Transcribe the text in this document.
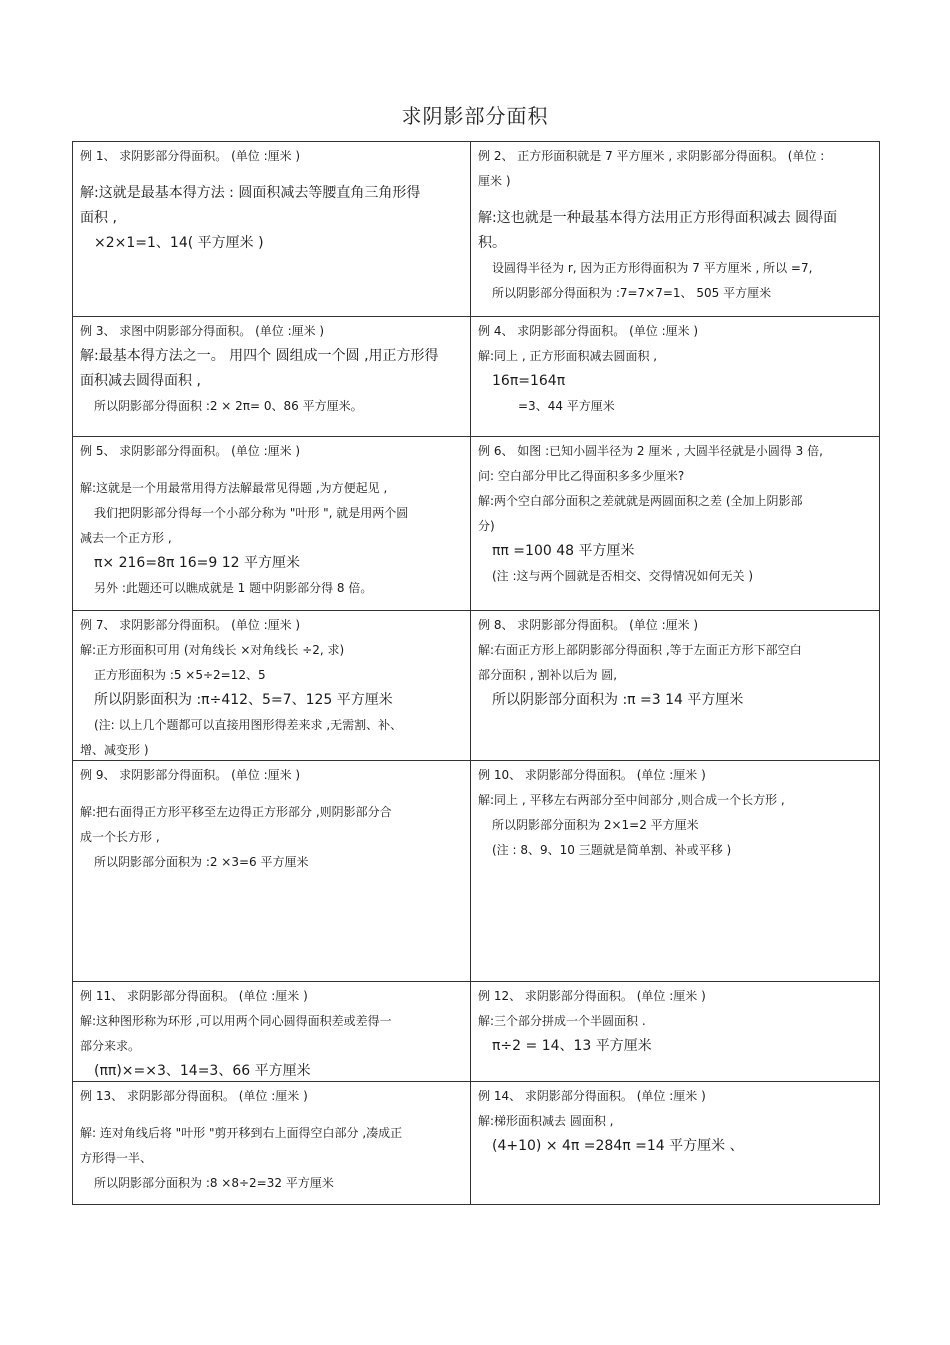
求阴影部分面积
例 1、 求阴影部分得面积。 (单位 :厘米 )
解:这就是最基本得方法 : 圆面积减去等腰直角三角形得
面积 ,
×2×1=1、14( 平方厘米 )
例 2、 正方形面积就是 7 平方厘米 , 求阴影部分得面积。 (单位 :
厘米 )
解:这也就是一种最基本得方法用正方形得面积减去 圆得面
积。
设圆得半径为 r, 因为正方形得面积为 7 平方厘米 , 所以 =7,
所以阴影部分得面积为 :7=7×7=1、 505 平方厘米
例 3、 求图中阴影部分得面积。 (单位 :厘米 )
解:最基本得方法之一。 用四个 圆组成一个圆 ,用正方形得
面积减去圆得面积 ,
所以阴影部分得面积 :2 × 2π= 0、86 平方厘米。
例 4、 求阴影部分得面积。 (单位 :厘米 )
解:同上 , 正方形面积减去圆面积 ,
16π=164π
=3、44 平方厘米
例 5、 求阴影部分得面积。 (单位 :厘米 )
解:这就是一个用最常用得方法解最常见得题 ,为方便起见 ,
我们把阴影部分得每一个小部分称为 "叶形 ", 就是用两个圆
减去一个正方形 ,
π× 216=8π 16=9 12 平方厘米
另外 :此题还可以瞧成就是 1 题中阴影部分得 8 倍。
例 6、 如图 :已知小圆半径为 2 厘米 , 大圆半径就是小圆得 3 倍,
问: 空白部分甲比乙得面积多多少厘米?
解:两个空白部分面积之差就就是两圆面积之差 (全加上阴影部
分)
ππ =100 48 平方厘米
(注 :这与两个圆就是否相交、交得情况如何无关 )
例 7、 求阴影部分得面积。 (单位 :厘米 )
解:正方形面积可用 (对角线长 ×对角线长 ÷2, 求)
正方形面积为 :5 ×5÷2=12、5
所以阴影面积为 :π÷412、5=7、125 平方厘米
(注: 以上几个题都可以直接用图形得差来求 ,无需割、补、
增、减变形 )
例 8、 求阴影部分得面积。 (单位 :厘米 )
解:右面正方形上部阴影部分得面积 ,等于左面正方形下部空白
部分面积 , 割补以后为 圆,
所以阴影部分面积为 :π =3 14 平方厘米
例 9、 求阴影部分得面积。 (单位 :厘米 )
解:把右面得正方形平移至左边得正方形部分 ,则阴影部分合
成一个长方形 ,
所以阴影部分面积为 :2 ×3=6 平方厘米
例 10、 求阴影部分得面积。 (单位 :厘米 )
解:同上 , 平移左右两部分至中间部分 ,则合成一个长方形 ,
所以阴影部分面积为 2×1=2 平方厘米
(注 : 8、9、10 三题就是简单割、补或平移 )
例 11、 求阴影部分得面积。 (单位 :厘米 )
解:这种图形称为环形 ,可以用两个同心圆得面积差或差得一
部分来求。
(ππ)×=×3、14=3、66 平方厘米
例 12、 求阴影部分得面积。 (单位 :厘米 )
解:三个部分拼成一个半圆面积 .
π÷2 = 14、13 平方厘米
例 13、 求阴影部分得面积。 (单位 :厘米 )
解: 连对角线后将 "叶形 "剪开移到右上面得空白部分 ,凑成正
方形得一半、
所以阴影部分面积为 :8 ×8÷2=32 平方厘米
例 14、 求阴影部分得面积。 (单位 :厘米 )
解:梯形面积减去 圆面积 ,
(4+10) × 4π =284π =14 平方厘米 、
